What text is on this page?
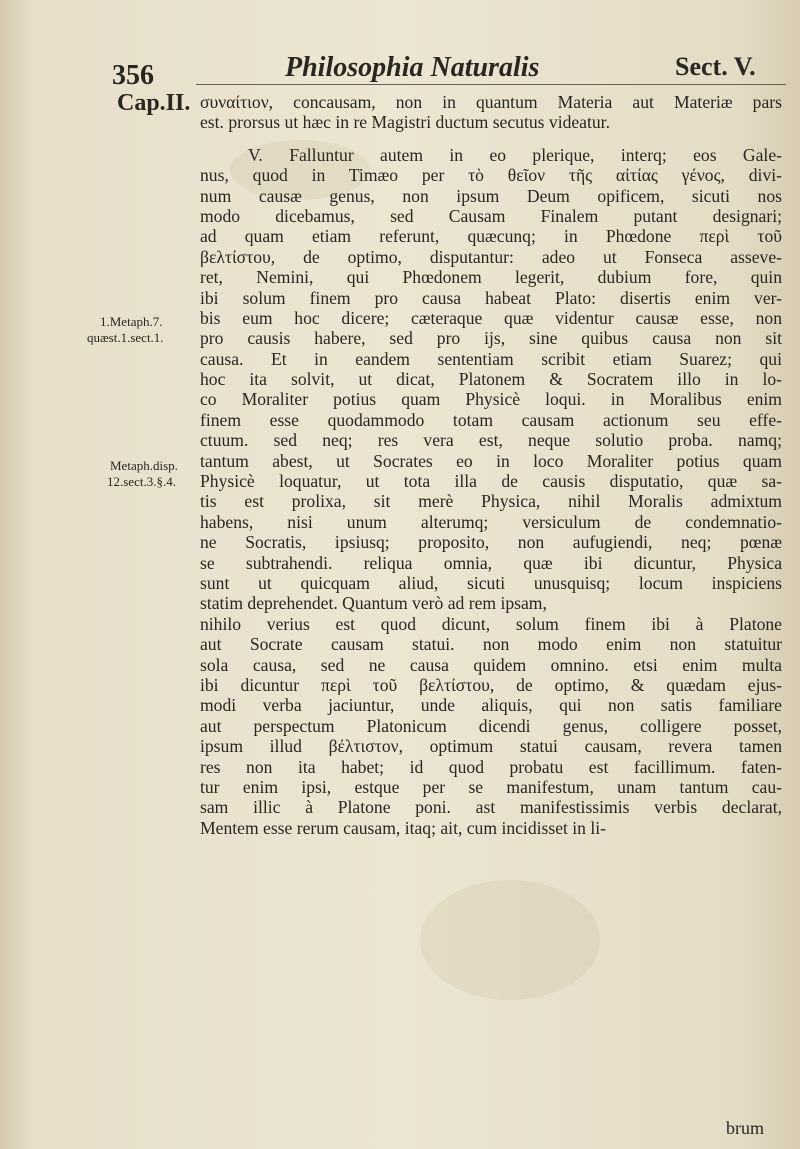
356	Philosophia Naturalis	Sect. V.
Cap.II.
1.Metaph.7.
quæst.1.sect.1.
Metaph.disp.
12.sect.3.§.4.
συναίτιον, concausam, non in quantum Materia aut Materiæ pars
est. prorsus ut hæc in re Magistri ductum secutus videatur.
V. Falluntur autem in eo plerique, interq; eos Gale-
nus, quod in Timæo per τὸ θεῖον τῆς αἰτίας γένος, divi-
num causæ genus, non ipsum Deum opificem, sicuti nos
modo dicebamus, sed Causam Finalem putant designari;
ad quam etiam referunt, quæcunq; in Phœdone περὶ τοῦ
βελτίστου, de optimo, disputantur: adeo ut Fonseca asseve-
ret, Nemini, qui Phœdonem legerit, dubium fore, quin
ibi solum finem pro causa habeat Plato: disertis enim ver-
bis eum hoc dicere; cæteraque quæ videntur causæ esse, non
pro causis habere, sed pro ijs, sine quibus causa non sit
causa. Et in eandem sententiam scribit etiam Suarez; qui
hoc ita solvit, ut dicat, Platonem & Socratem illo in lo-
co Moraliter potius quam Physicè loqui. in Moralibus enim
finem esse quodammodo totam causam actionum seu effe-
ctuum. sed neq; res vera est, neque solutio proba. namq;
tantum abest, ut Socrates eo in loco Moraliter potius quam
Physicè loquatur, ut tota illa de causis disputatio, quæ sa-
tis est prolixa, sit merè Physica, nihil Moralis admixtum
habens, nisi unum alterumq; versiculum de condemnatio-
ne Socratis, ipsiusq; proposito, non aufugiendi, neq; pœnæ
se subtrahendi. reliqua omnia, quæ ibi dicuntur, Physica
sunt ut quicquam aliud, sicuti unusquisq; locum inspiciens
statim deprehendet. Quantum verò ad rem ipsam,
nihilo verius est quod dicunt, solum finem ibi à Platone
aut Socrate causam statui. non modo enim non statuitur
sola causa, sed ne causa quidem omnino. etsi enim multa
ibi dicuntur περὶ τοῦ βελτίστου, de optimo, & quædam ejus-
modi verba jaciuntur, unde aliquis, qui non satis familiare
aut perspectum Platonicum dicendi genus, colligere posset,
ipsum illud βέλτιστον, optimum statui causam, revera tamen
res non ita habet; id quod probatu est facillimum. faten-
tur enim ipsi, estque per se manifestum, unam tantum cau-
sam illic à Platone poni. ast manifestissimis verbis declarat,
Mentem esse rerum causam, itaq; ait, cum incidisset in li-
brum
